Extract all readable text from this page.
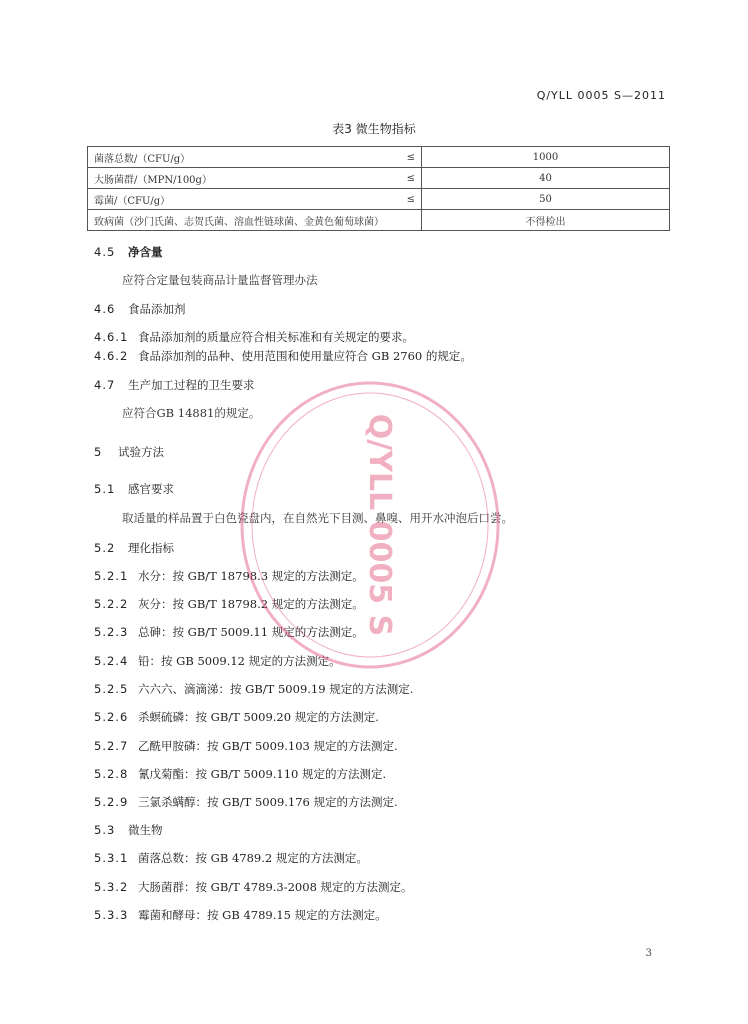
Q/YLL 0005 S—2011
表3 微生物指标
菌落总数/（CFU/g）	≤	1000
大肠菌群/（MPN/100g）	≤	40
霉菌/（CFU/g）	≤	50
致病菌（沙门氏菌、志贺氏菌、溶血性链球菌、金黄色葡萄球菌）		不得检出
4.5 净含量
应符合定量包装商品计量监督管理办法
4.6 食品添加剂
4.6.1 食品添加剂的质量应符合相关标准和有关规定的要求。
4.6.2 食品添加剂的品种、使用范围和使用量应符合 GB 2760 的规定。
4.7 生产加工过程的卫生要求
应符合GB 14881的规定。
5 试验方法
5.1 感官要求
取适量的样品置于白色瓷盘内，在自然光下目测、鼻嗅、用开水冲泡后口尝。
5.2 理化指标
5.2.1 水分：按 GB/T 18798.3 规定的方法测定。
5.2.2 灰分：按 GB/T 18798.2 规定的方法测定。
5.2.3 总砷：按 GB/T 5009.11 规定的方法测定。
5.2.4 铅：按 GB 5009.12 规定的方法测定。
5.2.5 六六六、滴滴涕：按 GB/T 5009.19 规定的方法测定.
5.2.6 杀螟硫磷：按 GB/T 5009.20 规定的方法测定.
5.2.7 乙酰甲胺磷：按 GB/T 5009.103 规定的方法测定.
5.2.8 氰戊菊酯：按 GB/T 5009.110 规定的方法测定.
5.2.9 三氯杀螨醇：按 GB/T 5009.176 规定的方法测定.
5.3 微生物
5.3.1 菌落总数：按 GB 4789.2 规定的方法测定。
5.3.2 大肠菌群：按 GB/T 4789.3-2008 规定的方法测定。
5.3.3 霉菌和酵母：按 GB 4789.15 规定的方法测定。
Q/YLL 0005 S
3
